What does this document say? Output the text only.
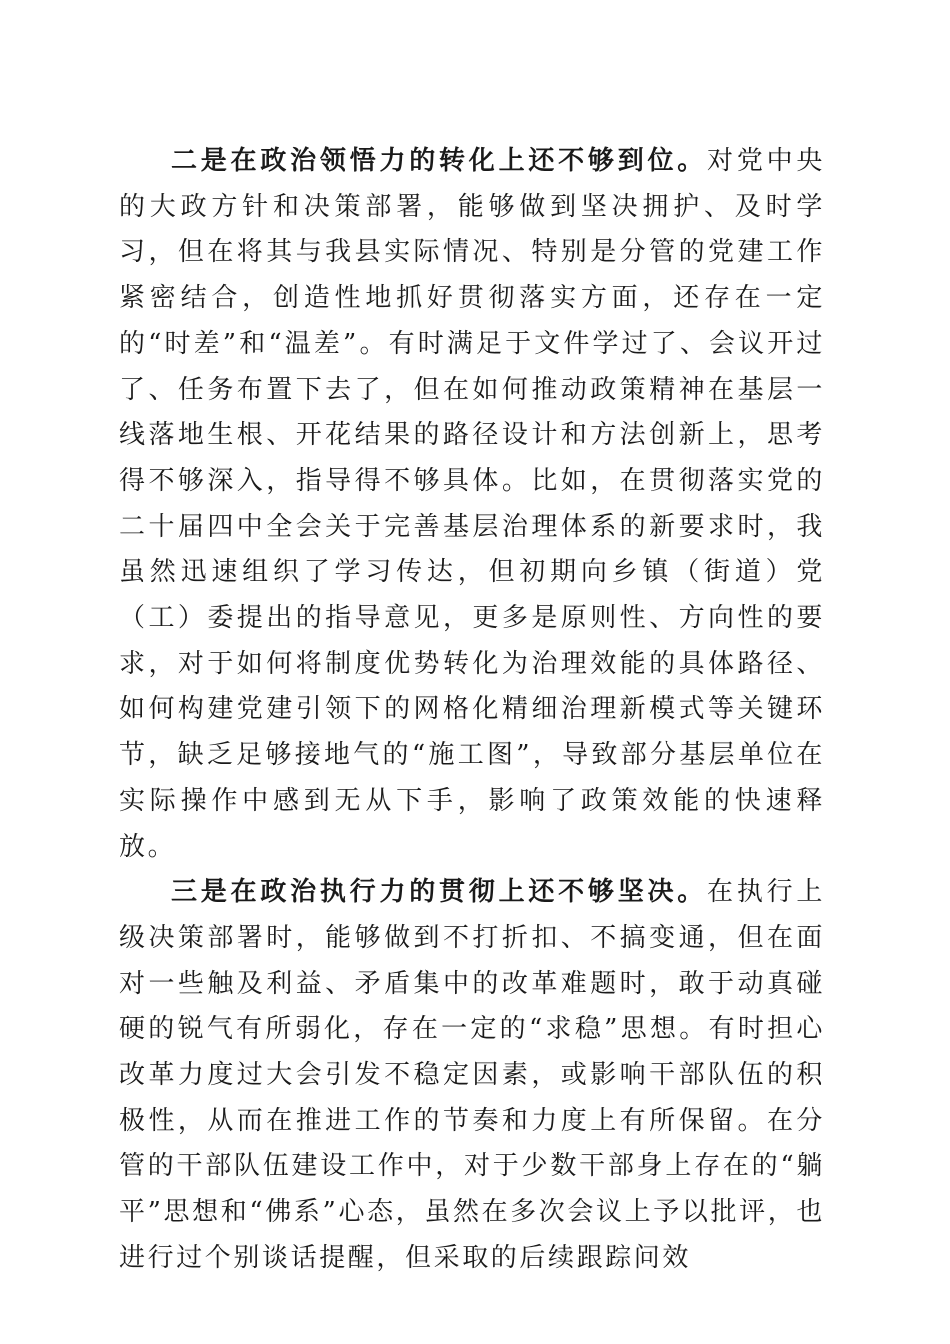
二是在政治领悟力的转化上还不够到位。对党中央的大政方针和决策部署，能够做到坚决拥护、及时学习，但在将其与我县实际情况、特别是分管的党建工作紧密结合，创造性地抓好贯彻落实方面，还存在一定的“时差”和“温差”。有时满足于文件学过了、会议开过了、任务布置下去了，但在如何推动政策精神在基层一线落地生根、开花结果的路径设计和方法创新上，思考得不够深入，指导得不够具体。比如，在贯彻落实党的二十届四中全会关于完善基层治理体系的新要求时，我虽然迅速组织了学习传达，但初期向乡镇（街道）党（工）委提出的指导意见，更多是原则性、方向性的要求，对于如何将制度优势转化为治理效能的具体路径、如何构建党建引领下的网格化精细治理新模式等关键环节，缺乏足够接地气的“施工图”，导致部分基层单位在实际操作中感到无从下手，影响了政策效能的快速释放。

三是在政治执行力的贯彻上还不够坚决。在执行上级决策部署时，能够做到不打折扣、不搞变通，但在面对一些触及利益、矛盾集中的改革难题时，敢于动真碰硬的锐气有所弱化，存在一定的“求稳”思想。有时担心改革力度过大会引发不稳定因素，或影响干部队伍的积极性，从而在推进工作的节奏和力度上有所保留。在分管的干部队伍建设工作中，对于少数干部身上存在的“躺平”思想和“佛系”心态，虽然在多次会议上予以批评，也进行过个别谈话提醒，但采取的后续跟踪问效
